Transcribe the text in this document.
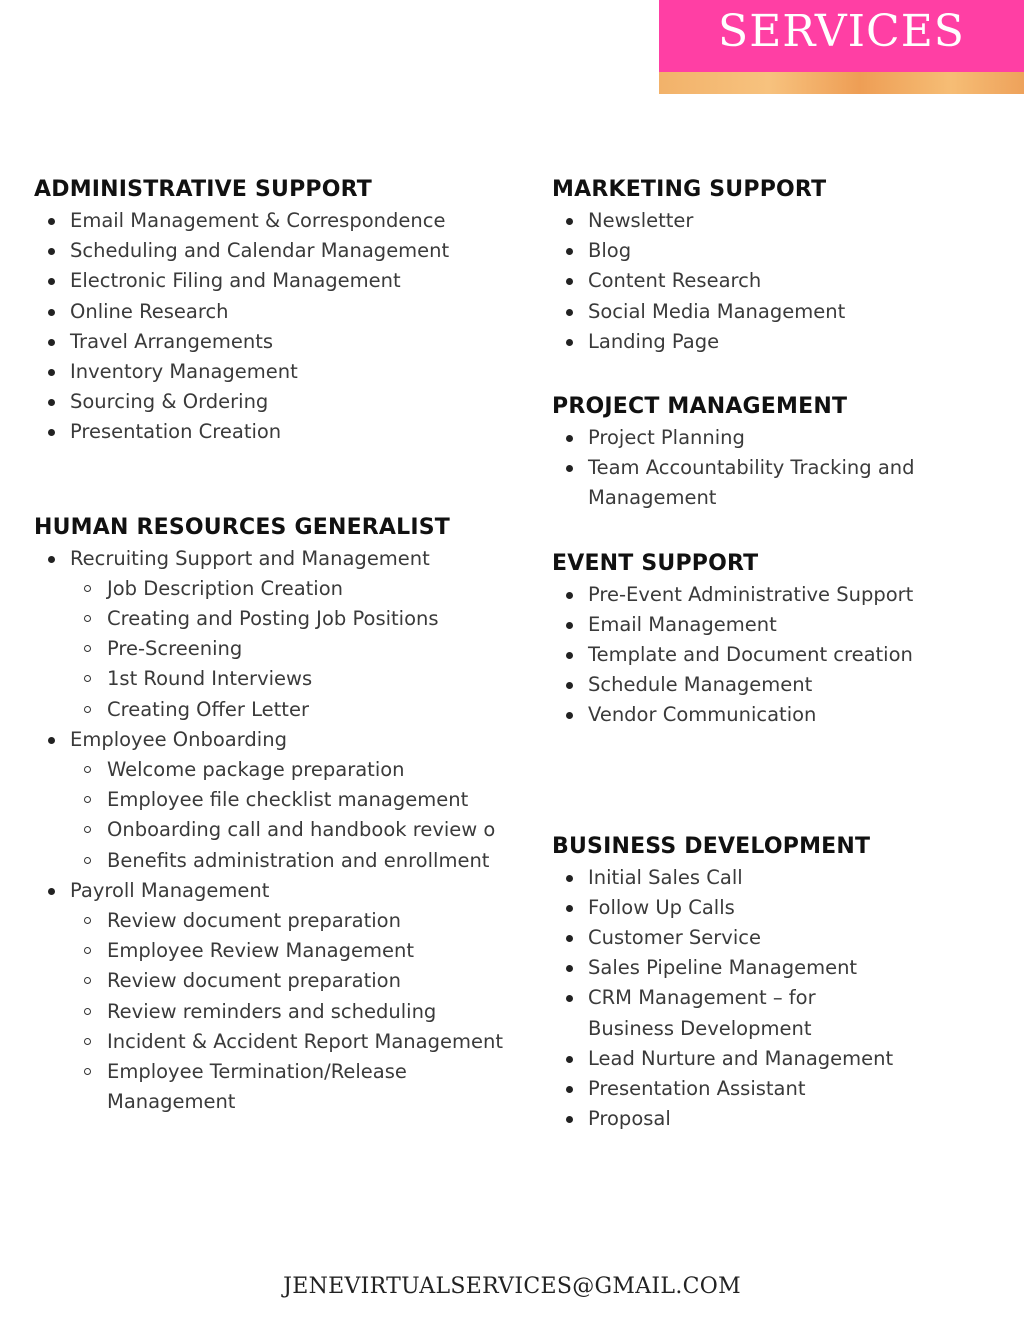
SERVICES
ADMINISTRATIVE SUPPORT
Email Management & Correspondence
Scheduling and Calendar Management
Electronic Filing and Management
Online Research
Travel Arrangements
Inventory Management
Sourcing & Ordering
Presentation Creation
HUMAN RESOURCES GENERALIST
Recruiting Support and Management
Job Description Creation
Creating and Posting Job Positions
Pre-Screening
1st Round Interviews
Creating Offer Letter
Employee Onboarding
Welcome package preparation
Employee file checklist management
Onboarding call and handbook review o
Benefits administration and enrollment
Payroll Management
Review document preparation
Employee Review Management
Review document preparation
Review reminders and scheduling
Incident & Accident Report Management
Employee Termination/Release Management
MARKETING SUPPORT
Newsletter
Blog
Content Research
Social Media Management
Landing Page
PROJECT MANAGEMENT
Project Planning
Team Accountability Tracking and Management
EVENT SUPPORT
Pre-Event Administrative Support
Email Management
Template and Document creation
Schedule Management
Vendor Communication
BUSINESS DEVELOPMENT
Initial Sales Call
Follow Up Calls
Customer Service
Sales Pipeline Management
CRM Management – for Business Development
Lead Nurture and Management
Presentation Assistant
Proposal
JENEVIRTUALSERVICES@GMAIL.COM
